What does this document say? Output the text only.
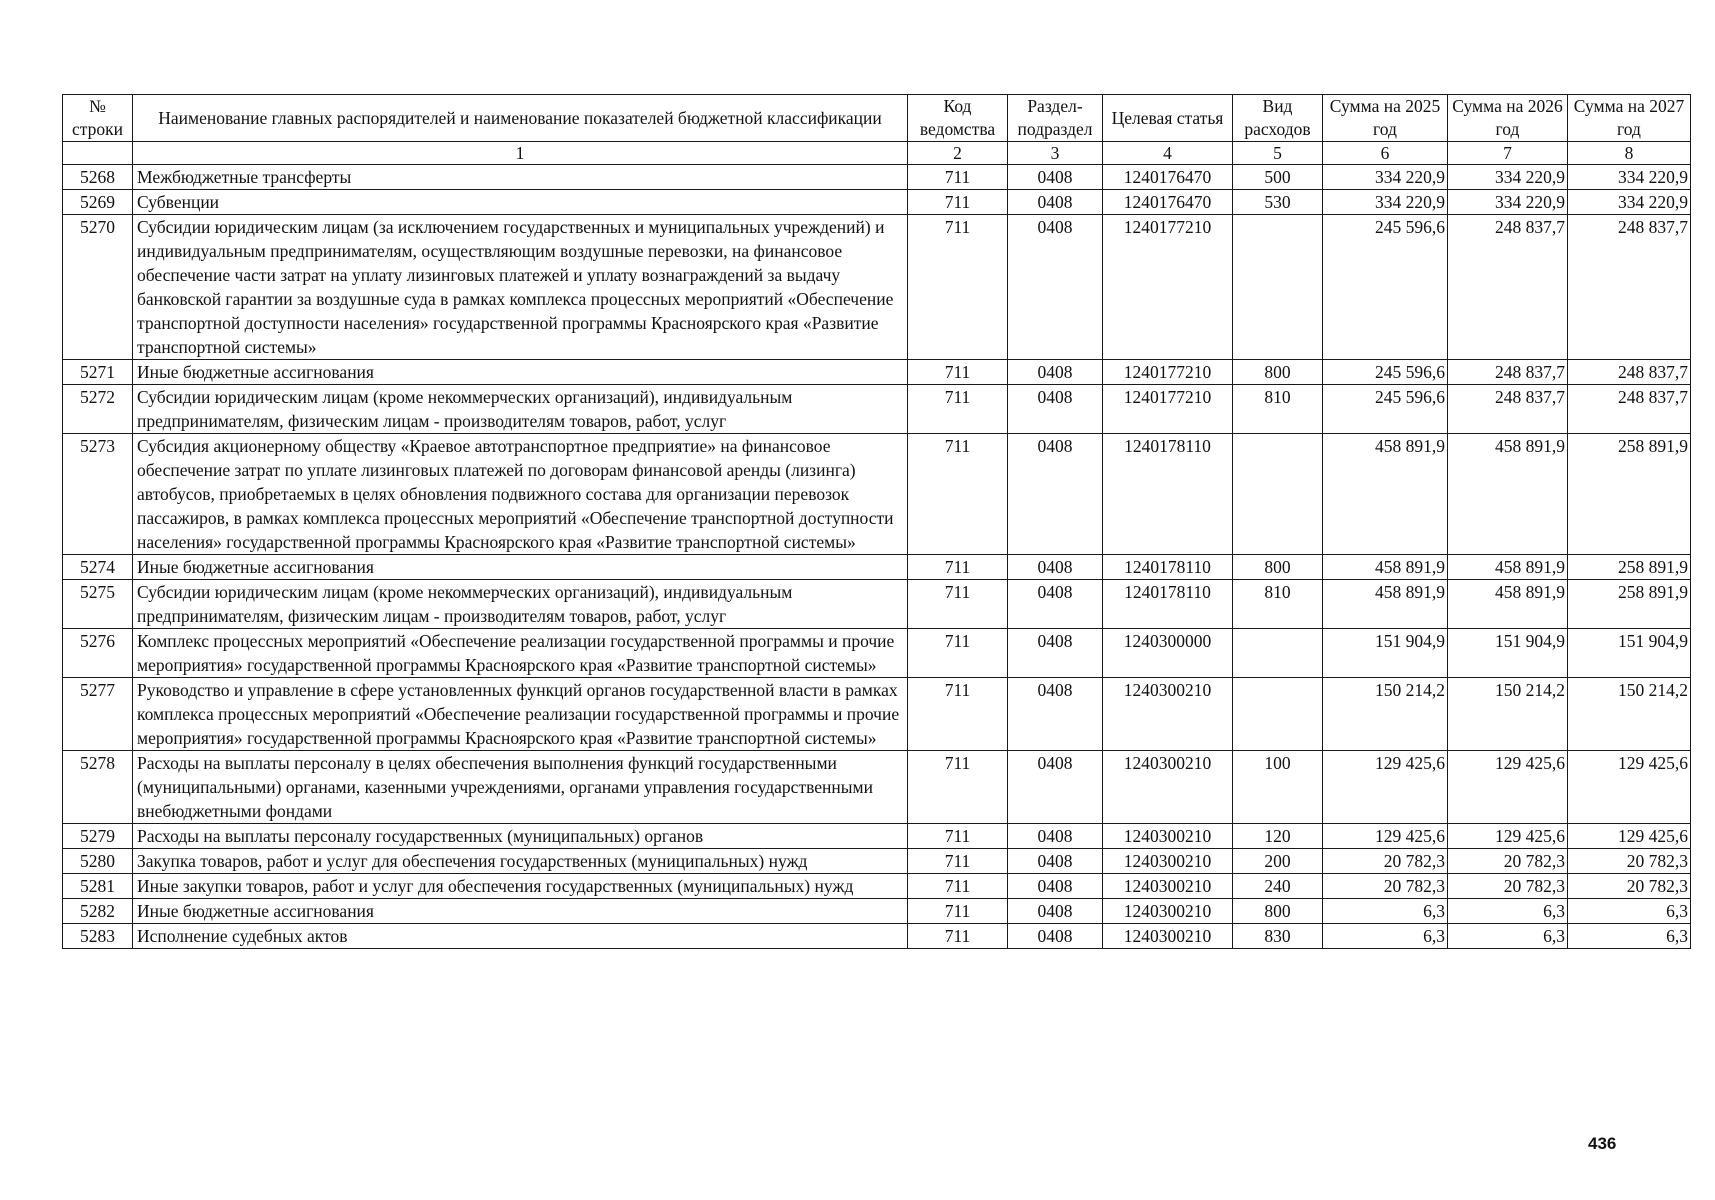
№ строки	Наименование главных распорядителей и наименование показателей бюджетной классификации	Код ведомства	Раздел-подраздел	Целевая статья	Вид расходов	Сумма на 2025 год	Сумма на 2026 год	Сумма на 2027 год
	1	2	3	4	5	6	7	8
5268	Межбюджетные трансферты	711	0408	1240176470	500	334 220,9	334 220,9	334 220,9
5269	Субвенции	711	0408	1240176470	530	334 220,9	334 220,9	334 220,9
5270	Субсидии юридическим лицам (за исключением государственных и муниципальных учреждений) и индивидуальным предпринимателям, осуществляющим воздушные перевозки, на финансовое обеспечение части затрат на уплату лизинговых платежей и уплату вознаграждений за выдачу банковской гарантии за воздушные суда в рамках комплекса процессных мероприятий «Обеспечение транспортной доступности населения» государственной программы Красноярского края «Развитие транспортной системы»	711	0408	1240177210		245 596,6	248 837,7	248 837,7
5271	Иные бюджетные ассигнования	711	0408	1240177210	800	245 596,6	248 837,7	248 837,7
5272	Субсидии юридическим лицам (кроме некоммерческих организаций), индивидуальным предпринимателям, физическим лицам - производителям товаров, работ, услуг	711	0408	1240177210	810	245 596,6	248 837,7	248 837,7
5273	Субсидия акционерному обществу «Краевое автотранспортное предприятие» на финансовое обеспечение затрат по уплате лизинговых платежей по договорам финансовой аренды (лизинга) автобусов, приобретаемых в целях обновления подвижного состава для организации перевозок пассажиров, в рамках комплекса процессных мероприятий «Обеспечение транспортной доступности населения» государственной программы Красноярского края «Развитие транспортной системы»	711	0408	1240178110		458 891,9	458 891,9	258 891,9
5274	Иные бюджетные ассигнования	711	0408	1240178110	800	458 891,9	458 891,9	258 891,9
5275	Субсидии юридическим лицам (кроме некоммерческих организаций), индивидуальным предпринимателям, физическим лицам - производителям товаров, работ, услуг	711	0408	1240178110	810	458 891,9	458 891,9	258 891,9
5276	Комплекс процессных мероприятий «Обеспечение реализации государственной программы и прочие мероприятия» государственной программы Красноярского края «Развитие транспортной системы»	711	0408	1240300000		151 904,9	151 904,9	151 904,9
5277	Руководство и управление в сфере установленных функций органов государственной власти в рамках комплекса процессных мероприятий «Обеспечение реализации государственной программы и прочие мероприятия» государственной программы Красноярского края «Развитие транспортной системы»	711	0408	1240300210		150 214,2	150 214,2	150 214,2
5278	Расходы на выплаты персоналу в целях обеспечения выполнения функций государственными (муниципальными) органами, казенными учреждениями, органами управления государственными внебюджетными фондами	711	0408	1240300210	100	129 425,6	129 425,6	129 425,6
5279	Расходы на выплаты персоналу государственных (муниципальных) органов	711	0408	1240300210	120	129 425,6	129 425,6	129 425,6
5280	Закупка товаров, работ и услуг для обеспечения государственных (муниципальных) нужд	711	0408	1240300210	200	20 782,3	20 782,3	20 782,3
5281	Иные закупки товаров, работ и услуг для обеспечения государственных (муниципальных) нужд	711	0408	1240300210	240	20 782,3	20 782,3	20 782,3
5282	Иные бюджетные ассигнования	711	0408	1240300210	800	6,3	6,3	6,3
5283	Исполнение судебных актов	711	0408	1240300210	830	6,3	6,3	6,3
436
